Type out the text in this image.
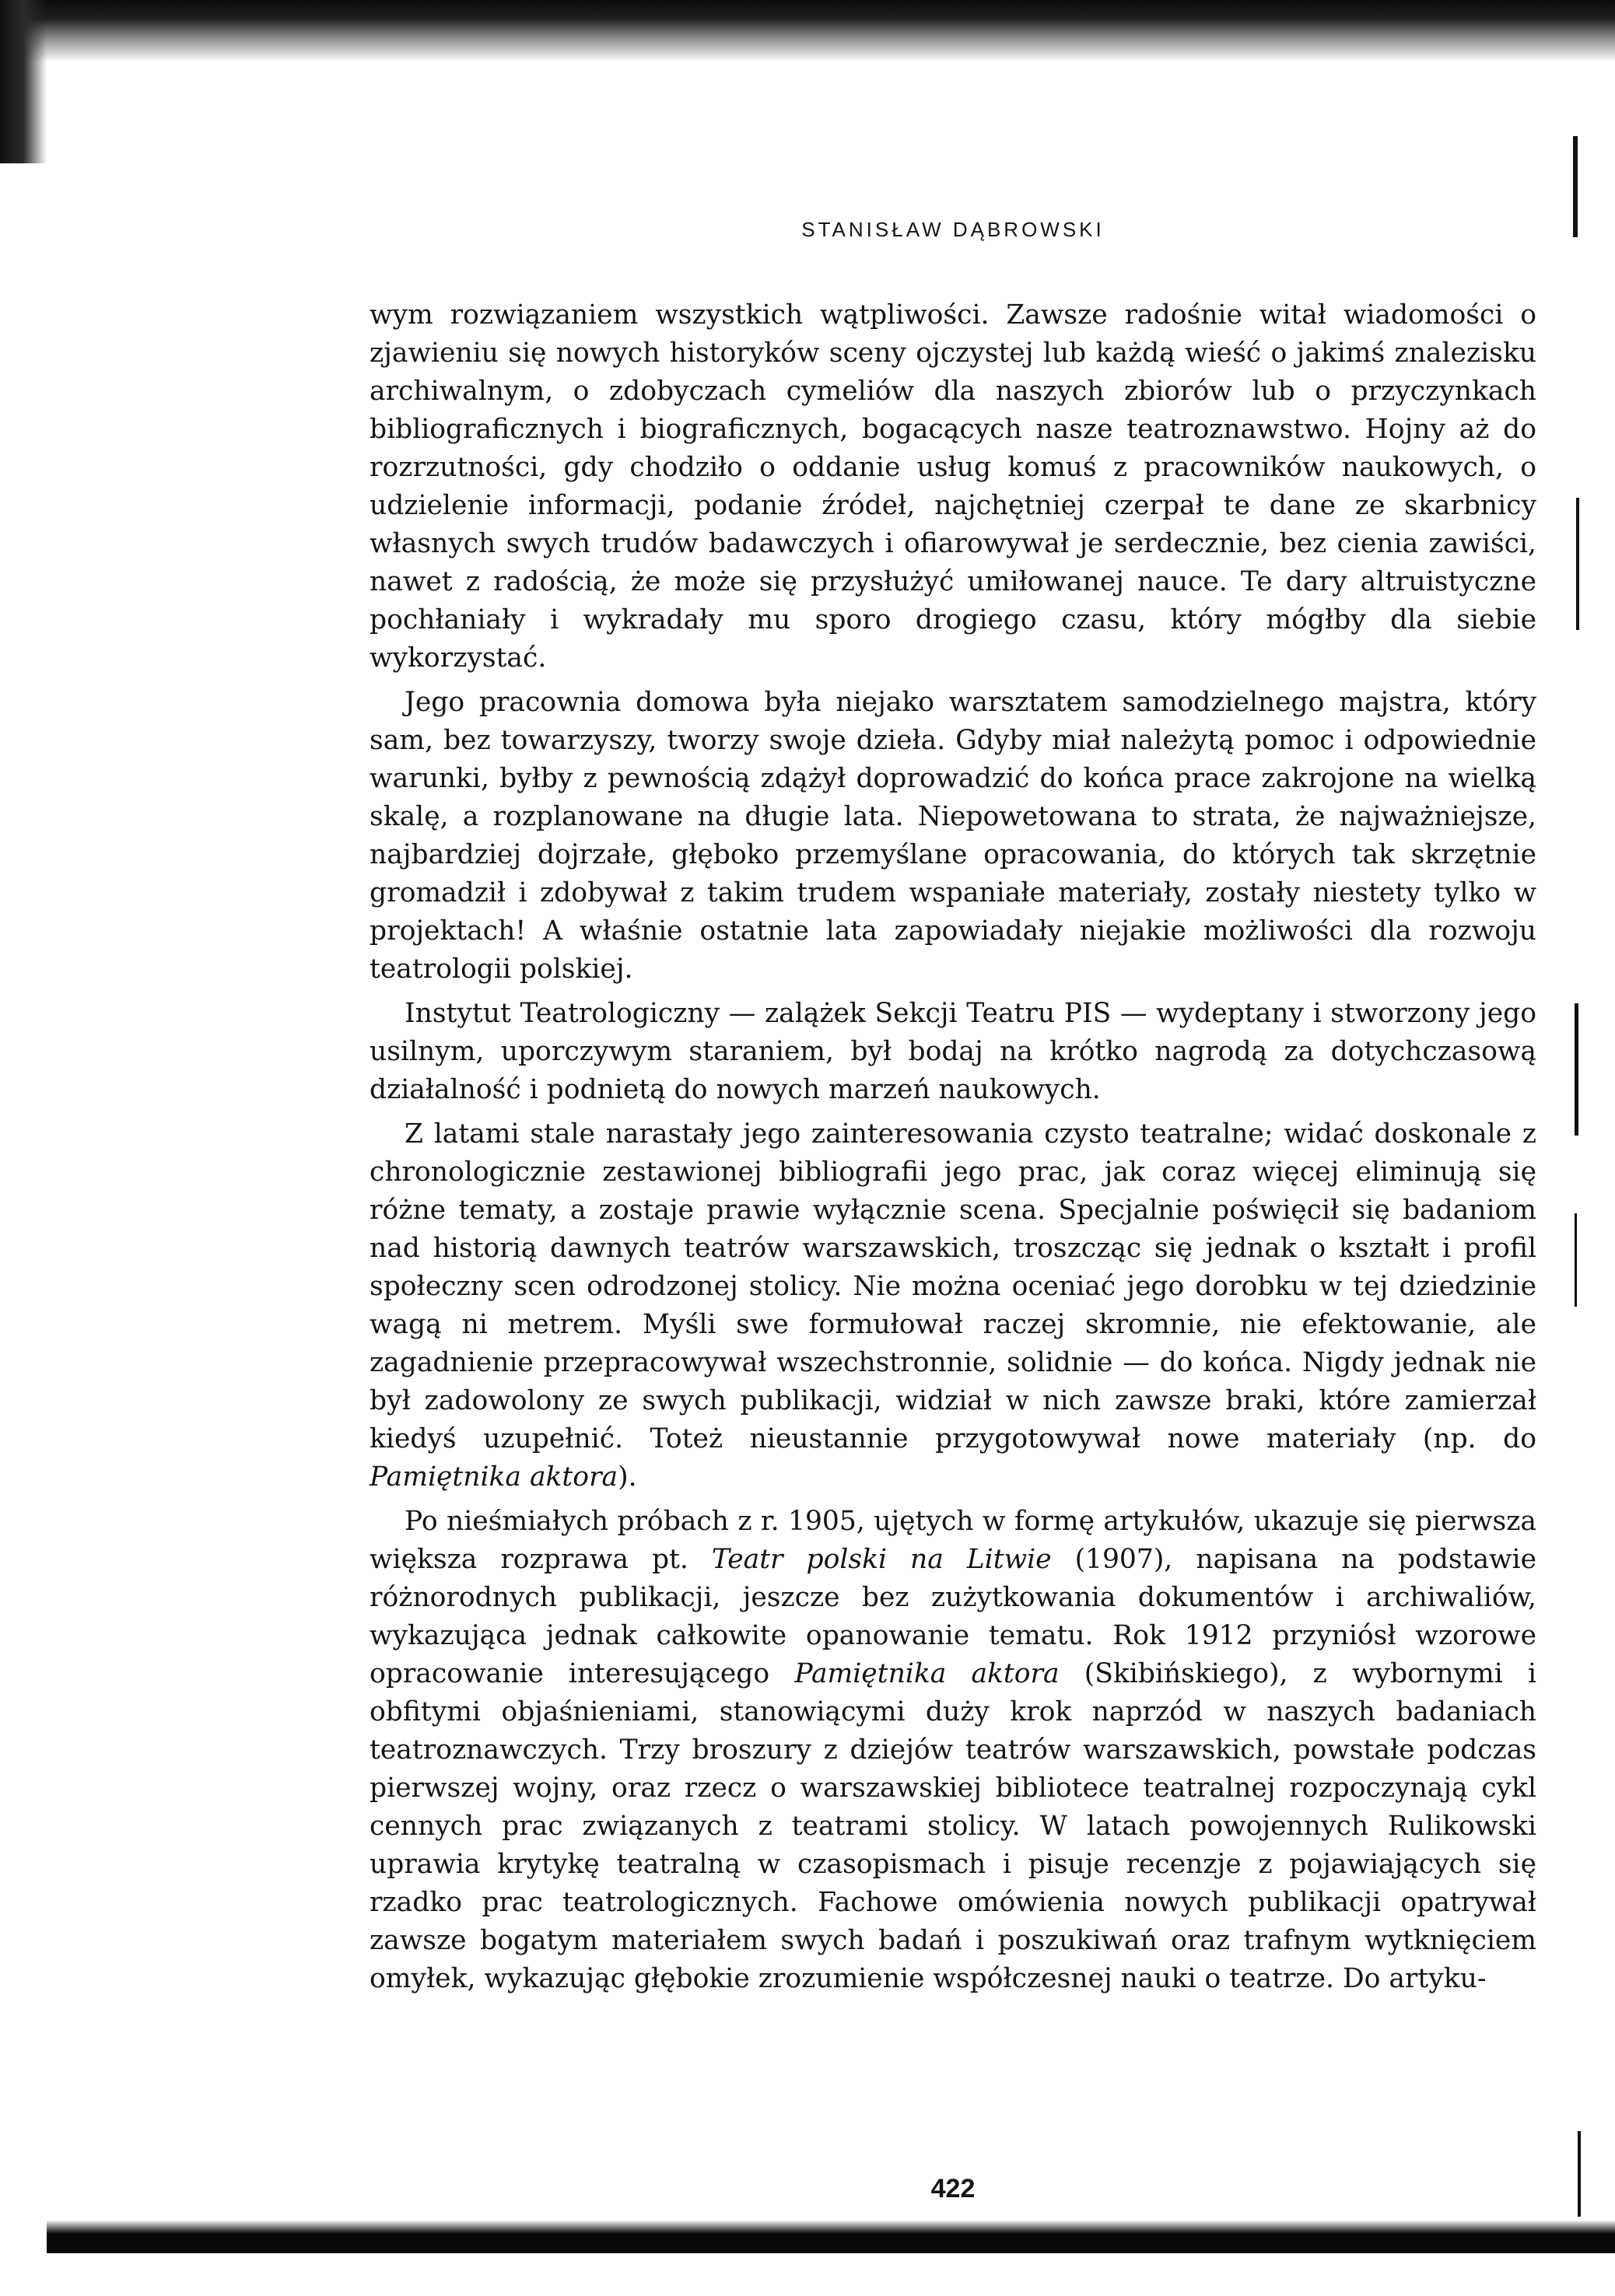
STANISŁAW DĄBROWSKI

wym rozwiązaniem wszystkich wątpliwości. Zawsze radośnie witał wiadomości o zjawieniu się nowych historyków sceny ojczystej lub każdą wieść o jakimś znalezisku archiwalnym, o zdobyczach cymeliów dla naszych zbiorów lub o przyczynkach bibliograficznych i biograficznych, bogacących nasze teatroznawstwo. Hojny aż do rozrzutności, gdy chodziło o oddanie usług komuś z pracowników naukowych, o udzielenie informacji, podanie źródeł, najchętniej czerpał te dane ze skarbnicy własnych swych trudów badawczych i ofiarowywał je serdecznie, bez cienia zawiści, nawet z radością, że może się przysłużyć umiłowanej nauce. Te dary altruistyczne pochłaniały i wykradały mu sporo drogiego czasu, który mógłby dla siebie wykorzystać.

Jego pracownia domowa była niejako warsztatem samodzielnego majstra, który sam, bez towarzyszy, tworzy swoje dzieła. Gdyby miał należytą pomoc i odpowiednie warunki, byłby z pewnością zdążył doprowadzić do końca prace zakrojone na wielką skalę, a rozplanowane na długie lata. Niepowetowana to strata, że najważniejsze, najbardziej dojrzałe, głęboko przemyślane opracowania, do których tak skrzętnie gromadził i zdobywał z takim trudem wspaniałe materiały, zostały niestety tylko w projektach! A właśnie ostatnie lata zapowiadały niejakie możliwości dla rozwoju teatrologii polskiej.

Instytut Teatrologiczny — zalążek Sekcji Teatru PIS — wydeptany i stworzony jego usilnym, uporczywym staraniem, był bodaj na krótko nagrodą za dotychczasową działalność i podnietą do nowych marzeń naukowych.

Z latami stale narastały jego zainteresowania czysto teatralne; widać doskonale z chronologicznie zestawionej bibliografii jego prac, jak coraz więcej eliminują się różne tematy, a zostaje prawie wyłącznie scena. Specjalnie poświęcił się badaniom nad historią dawnych teatrów warszawskich, troszcząc się jednak o kształt i profil społeczny scen odrodzonej stolicy. Nie można oceniać jego dorobku w tej dziedzinie wagą ni metrem. Myśli swe formułował raczej skromnie, nie efektowanie, ale zagadnienie przepracowywał wszechstronnie, solidnie — do końca. Nigdy jednak nie był zadowolony ze swych publikacji, widział w nich zawsze braki, które zamierzał kiedyś uzupełnić. Toteż nieustannie przygotowywał nowe materiały (np. do Pamiętnika aktora).

Po nieśmiałych próbach z r. 1905, ujętych w formę artykułów, ukazuje się pierwsza większa rozprawa pt. Teatr polski na Litwie (1907), napisana na podstawie różnorodnych publikacji, jeszcze bez zużytkowania dokumentów i archiwaliów, wykazująca jednak całkowite opanowanie tematu. Rok 1912 przyniósł wzorowe opracowanie interesującego Pamiętnika aktora (Skibińskiego), z wybornymi i obfitymi objaśnieniami, stanowiącymi duży krok naprzód w naszych badaniach teatroznawczych. Trzy broszury z dziejów teatrów warszawskich, powstałe podczas pierwszej wojny, oraz rzecz o warszawskiej bibliotece teatralnej rozpoczynają cykl cennych prac związanych z teatrami stolicy. W latach powojennych Rulikowski uprawia krytykę teatralną w czasopismach i pisuje recenzje z pojawiających się rzadko prac teatrologicznych. Fachowe omówienia nowych publikacji opatrywał zawsze bogatym materiałem swych badań i poszukiwań oraz trafnym wytknięciem omyłek, wykazując głębokie zrozumienie współczesnej nauki o teatrze. Do artyku-

422
